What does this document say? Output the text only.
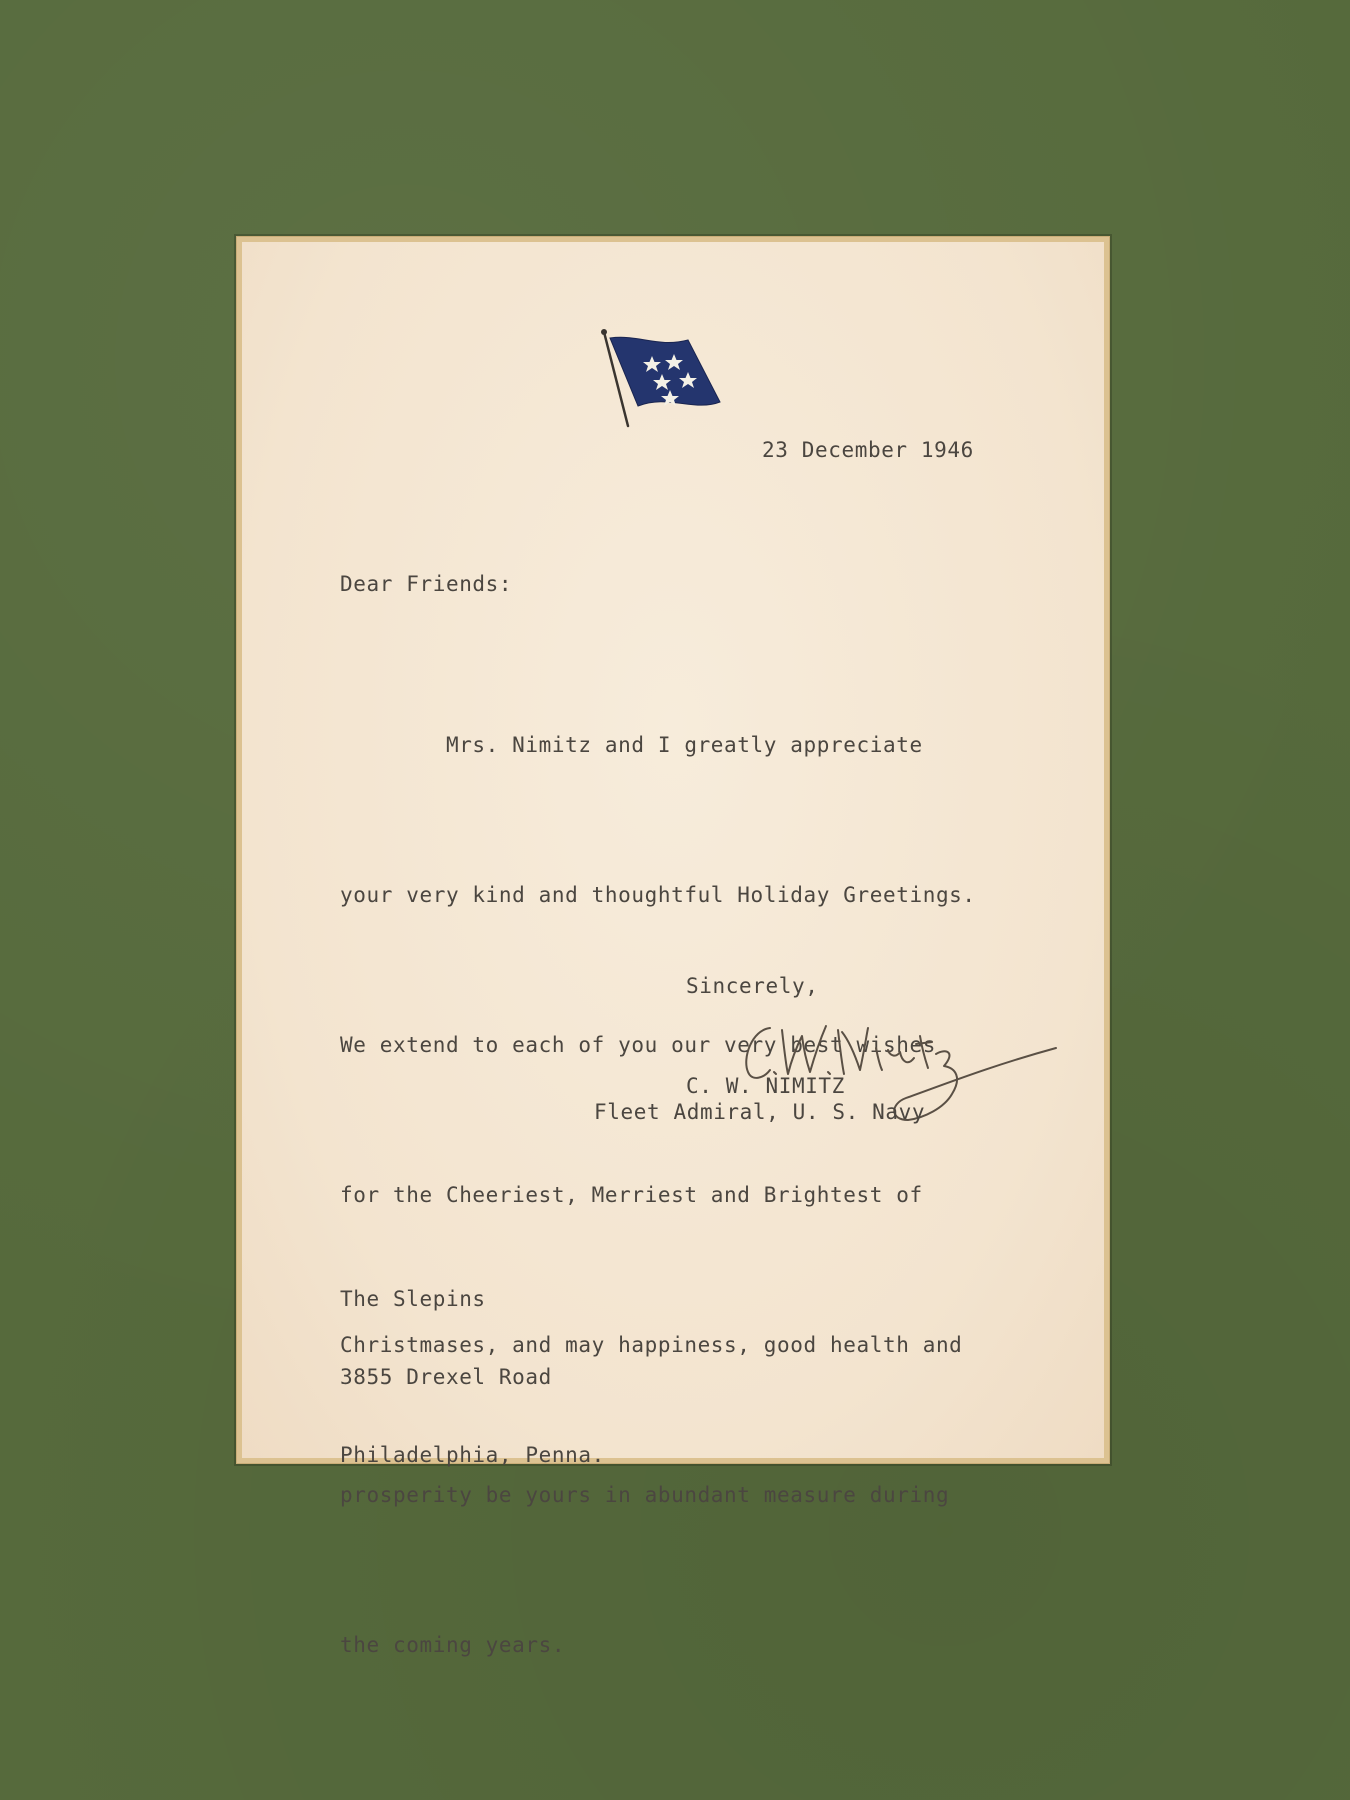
23 December 1946
Dear Friends:

Mrs. Nimitz and I greatly appreciate

your very kind and thoughtful Holiday Greetings.

We extend to each of you our very best wishes

for the Cheeriest, Merriest and Brightest of

Christmases, and may happiness, good health and

prosperity be yours in abundant measure during

the coming years.

Sincerely,
C. W. NIMITZ
Fleet Admiral, U. S. Navy

The Slepins

3855 Drexel Road

Philadelphia, Penna.
